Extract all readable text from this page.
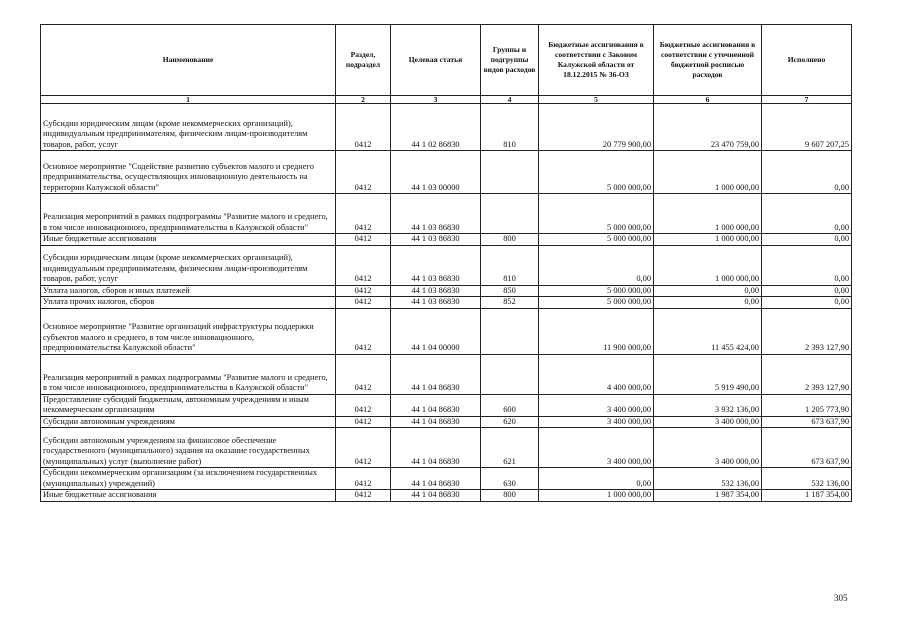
Наименование	Раздел, подраздел	Целевая статья	Группы и подгруппы видов расходов	Бюджетные ассигнования в соответствии с Законом Калужской области от 18.12.2015 № 36-ОЗ	Бюджетные ассигнования в соответствии с уточненной бюджетной росписью расходов	Исполнено
1	2	3	4	5	6	7
Субсидии юридическим лицам (кроме некоммерческих организаций), индивидуальным предпринимателям, физическим лицам-производителям товаров, работ, услуг	0412	44 1 02 86830	810	20 779 900,00	23 470 759,00	9 607 207,25
Основное мероприятие "Содействие развитию субъектов малого и среднего предпринимательства, осуществляющих инновационную деятельность на территории Калужской области"	0412	44 1 03 00000		5 000 000,00	1 000 000,00	0,00
Реализация мероприятий в рамках подпрограммы "Развитие малого и среднего, в том числе инновационного, предпринимательства в Калужской области"	0412	44 1 03 86830		5 000 000,00	1 000 000,00	0,00
Иные бюджетные ассигнования	0412	44 1 03 86830	800	5 000 000,00	1 000 000,00	0,00
Субсидии юридическим лицам (кроме некоммерческих организаций), индивидуальным предпринимателям, физическим лицам-производителям товаров, работ, услуг	0412	44 1 03 86830	810	0,00	1 000 000,00	0,00
Уплата налогов, сборов и иных платежей	0412	44 1 03 86830	850	5 000 000,00	0,00	0,00
Уплата прочих налогов, сборов	0412	44 1 03 86830	852	5 000 000,00	0,00	0,00
Основное мероприятие "Развитие организаций инфраструктуры поддержки субъектов малого и среднего, в том числе инновационного, предпринимательства Калужской области"	0412	44 1 04 00000		11 900 000,00	11 455 424,00	2 393 127,90
Реализация мероприятий в рамках подпрограммы "Развитие малого и среднего, в том числе инновационного, предпринимательства в Калужской области"	0412	44 1 04 86830		4 400 000,00	5 919 490,00	2 393 127,90
Предоставление субсидий бюджетным, автономным учреждениям и иным некоммерческим организациям	0412	44 1 04 86830	600	3 400 000,00	3 932 136,00	1 205 773,90
Субсидии автономным учреждениям	0412	44 1 04 86830	620	3 400 000,00	3 400 000,00	673 637,90
Субсидии автономным учреждениям на финансовое обеспечение государственного (муниципального) задания на оказание государственных (муниципальных) услуг (выполнение работ)	0412	44 1 04 86830	621	3 400 000,00	3 400 000,00	673 637,90
Субсидии некоммерческим организациям (за исключением государственных (муниципальных) учреждений)	0412	44 1 04 86830	630	0,00	532 136,00	532 136,00
Иные бюджетные ассигнования	0412	44 1 04 86830	800	1 000 000,00	1 987 354,00	1 187 354,00
305
